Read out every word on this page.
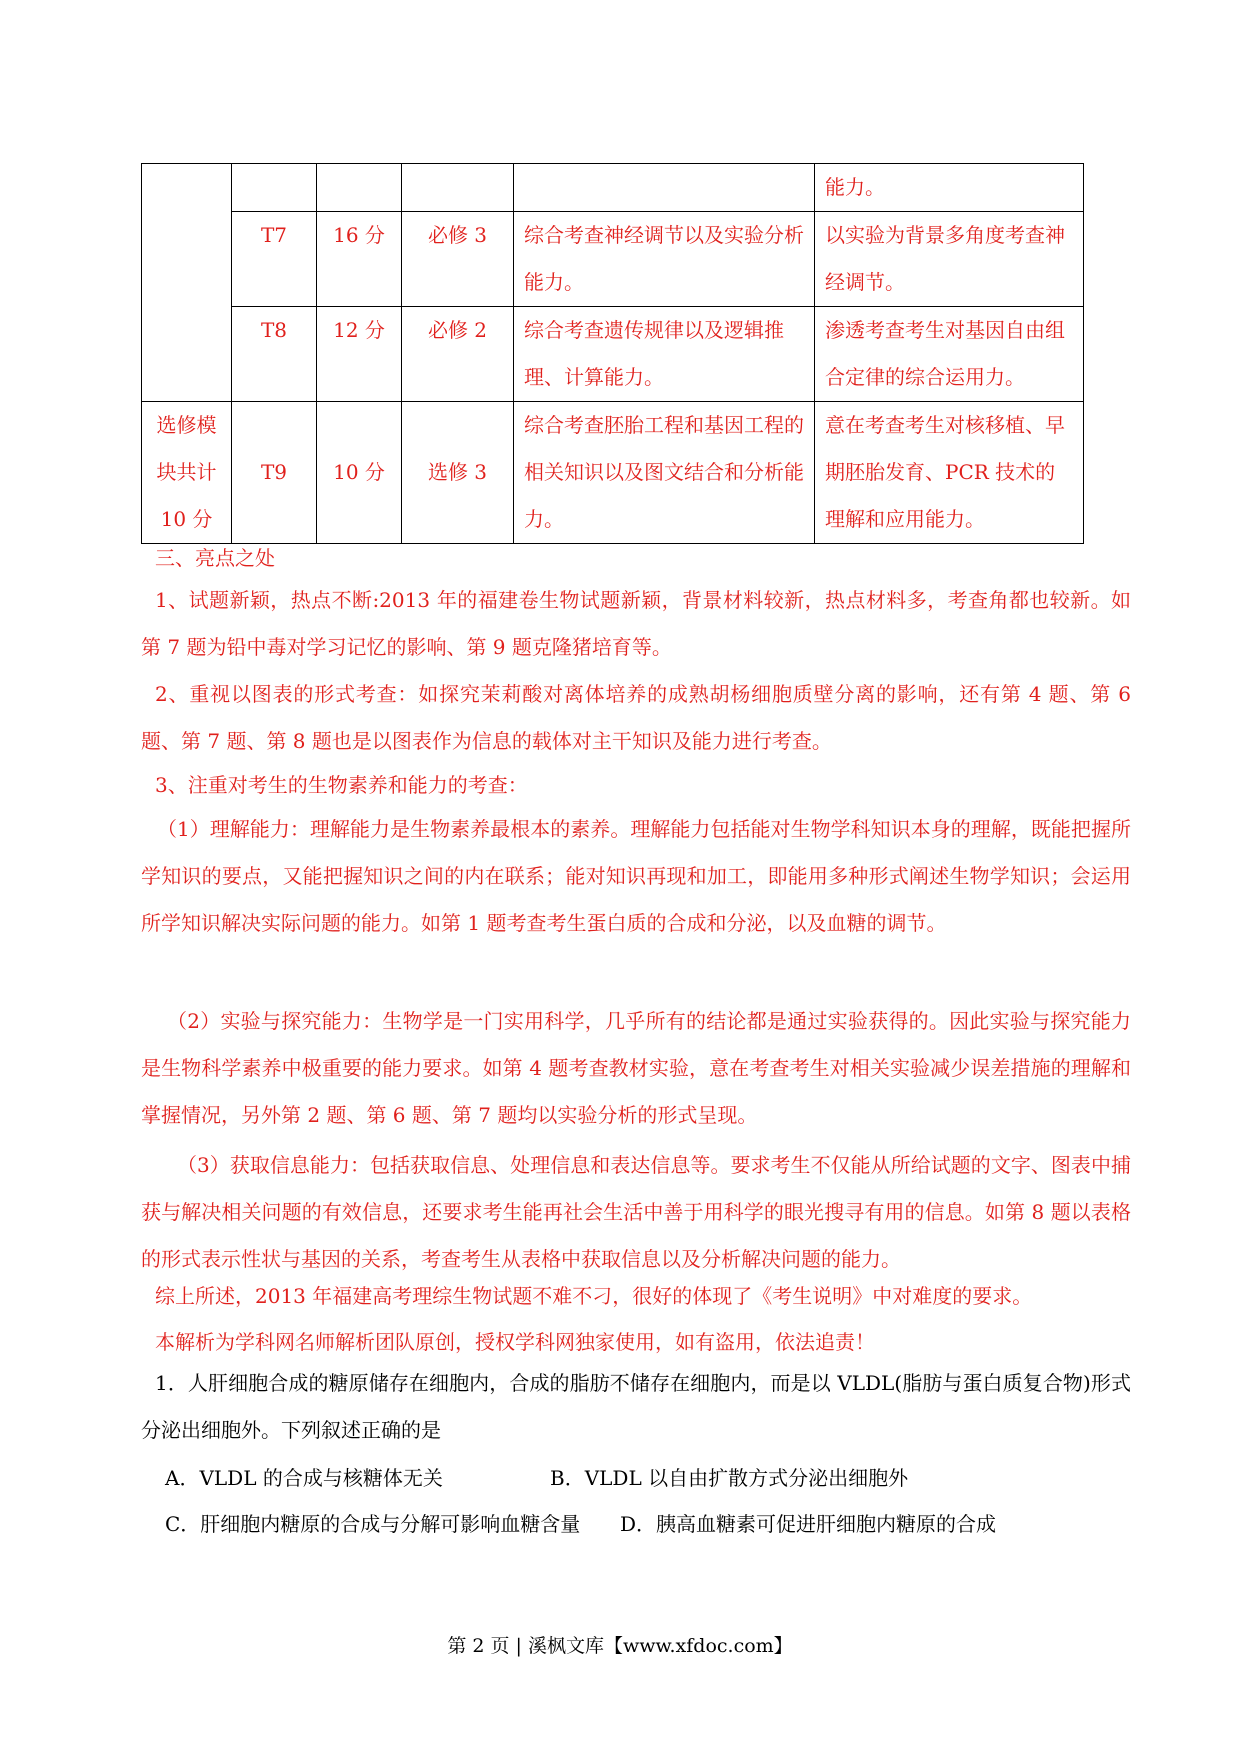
					能力。
	T7	16 分	必修 3	综合考查神经调节以及实验分析能力。	以实验为背景多角度考查神经调节。
	T8	12 分	必修 2	综合考查遗传规律以及逻辑推理、计算能力。	渗透考查考生对基因自由组合定律的综合运用力。
选修模块共计 10 分	T9	10 分	选修 3	综合考查胚胎工程和基因工程的相关知识以及图文结合和分析能力。	意在考查考生对核移植、早期胚胎发育、PCR 技术的理解和应用能力。
三、亮点之处
1、试题新颖，热点不断:2013 年的福建卷生物试题新颖，背景材料较新，热点材料多，考查角都也较新。如第 7 题为铅中毒对学习记忆的影响、第 9 题克隆猪培育等。
2、重视以图表的形式考查：如探究茉莉酸对离体培养的成熟胡杨细胞质壁分离的影响，还有第 4 题、第 6 题、第 7 题、第 8 题也是以图表作为信息的载体对主干知识及能力进行考查。
3、注重对考生的生物素养和能力的考查：
（1）理解能力：理解能力是生物素养最根本的素养。理解能力包括能对生物学科知识本身的理解，既能把握所学知识的要点，又能把握知识之间的内在联系；能对知识再现和加工，即能用多种形式阐述生物学知识；会运用所学知识解决实际问题的能力。如第 1 题考查考生蛋白质的合成和分泌，以及血糖的调节。
（2）实验与探究能力：生物学是一门实用科学，几乎所有的结论都是通过实验获得的。因此实验与探究能力是生物科学素养中极重要的能力要求。如第 4 题考查教材实验，意在考查考生对相关实验减少误差措施的理解和掌握情况，另外第 2 题、第 6 题、第 7 题均以实验分析的形式呈现。
（3）获取信息能力：包括获取信息、处理信息和表达信息等。要求考生不仅能从所给试题的文字、图表中捕获与解决相关问题的有效信息，还要求考生能再社会生活中善于用科学的眼光搜寻有用的信息。如第 8 题以表格的形式表示性状与基因的关系，考查考生从表格中获取信息以及分析解决问题的能力。
综上所述，2013 年福建高考理综生物试题不难不刁，很好的体现了《考生说明》中对难度的要求。
本解析为学科网名师解析团队原创，授权学科网独家使用，如有盗用，依法追责！
1．人肝细胞合成的糖原储存在细胞内，合成的脂肪不储存在细胞内，而是以 VLDL(脂肪与蛋白质复合物)形式分泌出细胞外。下列叙述正确的是
A．VLDL 的合成与核糖体无关	B．VLDL 以自由扩散方式分泌出细胞外
C．肝细胞内糖原的合成与分解可影响血糖含量 D．胰高血糖素可促进肝细胞内糖原的合成
第 2 页 | 溪枫文库【www.xfdoc.com】
